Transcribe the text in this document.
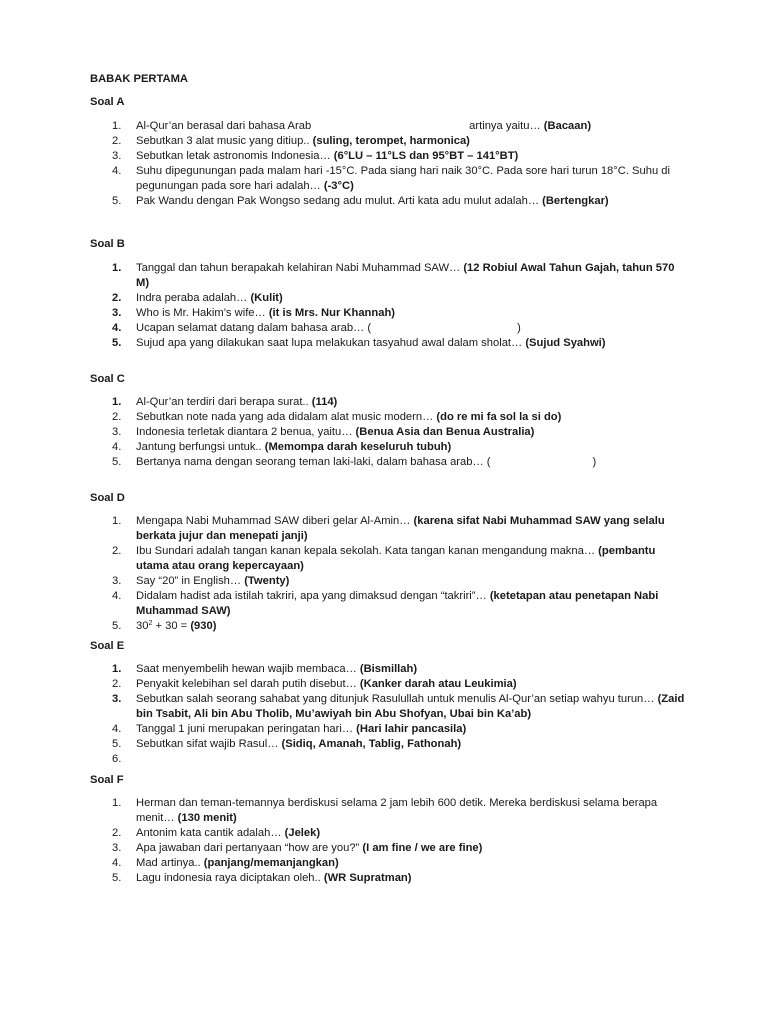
BABAK PERTAMA
Soal A
1.	Al-Qur’an berasal dari bahasa Arab	artinya yaitu… (Bacaan)
2.	Sebutkan 3 alat music yang ditiup.. (suling, terompet, harmonica)
3.	Sebutkan letak astronomis Indonesia… (6°LU – 11°LS dan 95°BT – 141°BT)
4.	Suhu dipegunungan pada malam hari -15°C. Pada siang hari naik 30°C. Pada sore hari turun 18°C. Suhu di pegunungan pada sore hari adalah… (-3°C)
5.	Pak Wandu dengan Pak Wongso sedang adu mulut. Arti kata adu mulut adalah… (Bertengkar)
Soal B
1.	Tanggal dan tahun berapakah kelahiran Nabi Muhammad SAW… (12 Robiul Awal Tahun Gajah, tahun 570 M)
2.	Indra peraba adalah… (Kulit)
3.	Who is Mr. Hakim’s wife… (it is Mrs. Nur Khannah)
4.	Ucapan selamat datang dalam bahasa arab… (	)
5.	Sujud apa yang dilakukan saat lupa melakukan tasyahud awal dalam sholat… (Sujud Syahwi)
Soal C
1.	Al-Qur’an terdiri dari berapa surat.. (114)
2.	Sebutkan note nada yang ada didalam alat music modern… (do re mi fa sol la si do)
3.	Indonesia terletak diantara 2 benua, yaitu… (Benua Asia dan Benua Australia)
4.	Jantung berfungsi untuk.. (Memompa darah keseluruh tubuh)
5.	Bertanya nama dengan seorang teman laki-laki, dalam bahasa arab… (	)
Soal D
1.	Mengapa Nabi Muhammad SAW diberi gelar Al-Amin… (karena sifat Nabi Muhammad SAW yang selalu berkata jujur dan menepati janji)
2.	Ibu Sundari adalah tangan kanan kepala sekolah. Kata tangan kanan mengandung makna… (pembantu utama atau orang kepercayaan)
3.	Say “20” in English… (Twenty)
4.	Didalam hadist ada istilah takriri, apa yang dimaksud dengan “takriri”… (ketetapan atau penetapan Nabi Muhammad SAW)
5.	$30^2 + 30 = (930)$
Soal E
1.	Saat menyembelih hewan wajib membaca… (Bismillah)
2.	Penyakit kelebihan sel darah putih disebut… (Kanker darah atau Leukimia)
3.	Sebutkan salah seorang sahabat yang ditunjuk Rasulullah untuk menulis Al-Qur’an setiap wahyu turun… (Zaid bin Tsabit, Ali bin Abu Tholib, Mu’awiyah bin Abu Shofyan, Ubai bin Ka’ab)
4.	Tanggal 1 juni merupakan peringatan hari… (Hari lahir pancasila)
5.	Sebutkan sifat wajib Rasul… (Sidiq, Amanah, Tablig, Fathonah)
6.
Soal F
1.	Herman dan teman-temannya berdiskusi selama 2 jam lebih 600 detik. Mereka berdiskusi selama berapa menit… (130 menit)
2.	Antonim kata cantik adalah… (Jelek)
3.	Apa jawaban dari pertanyaan “how are you?” (I am fine / we are fine)
4.	Mad artinya.. (panjang/memanjangkan)
5.	Lagu indonesia raya diciptakan oleh.. (WR Supratman)
